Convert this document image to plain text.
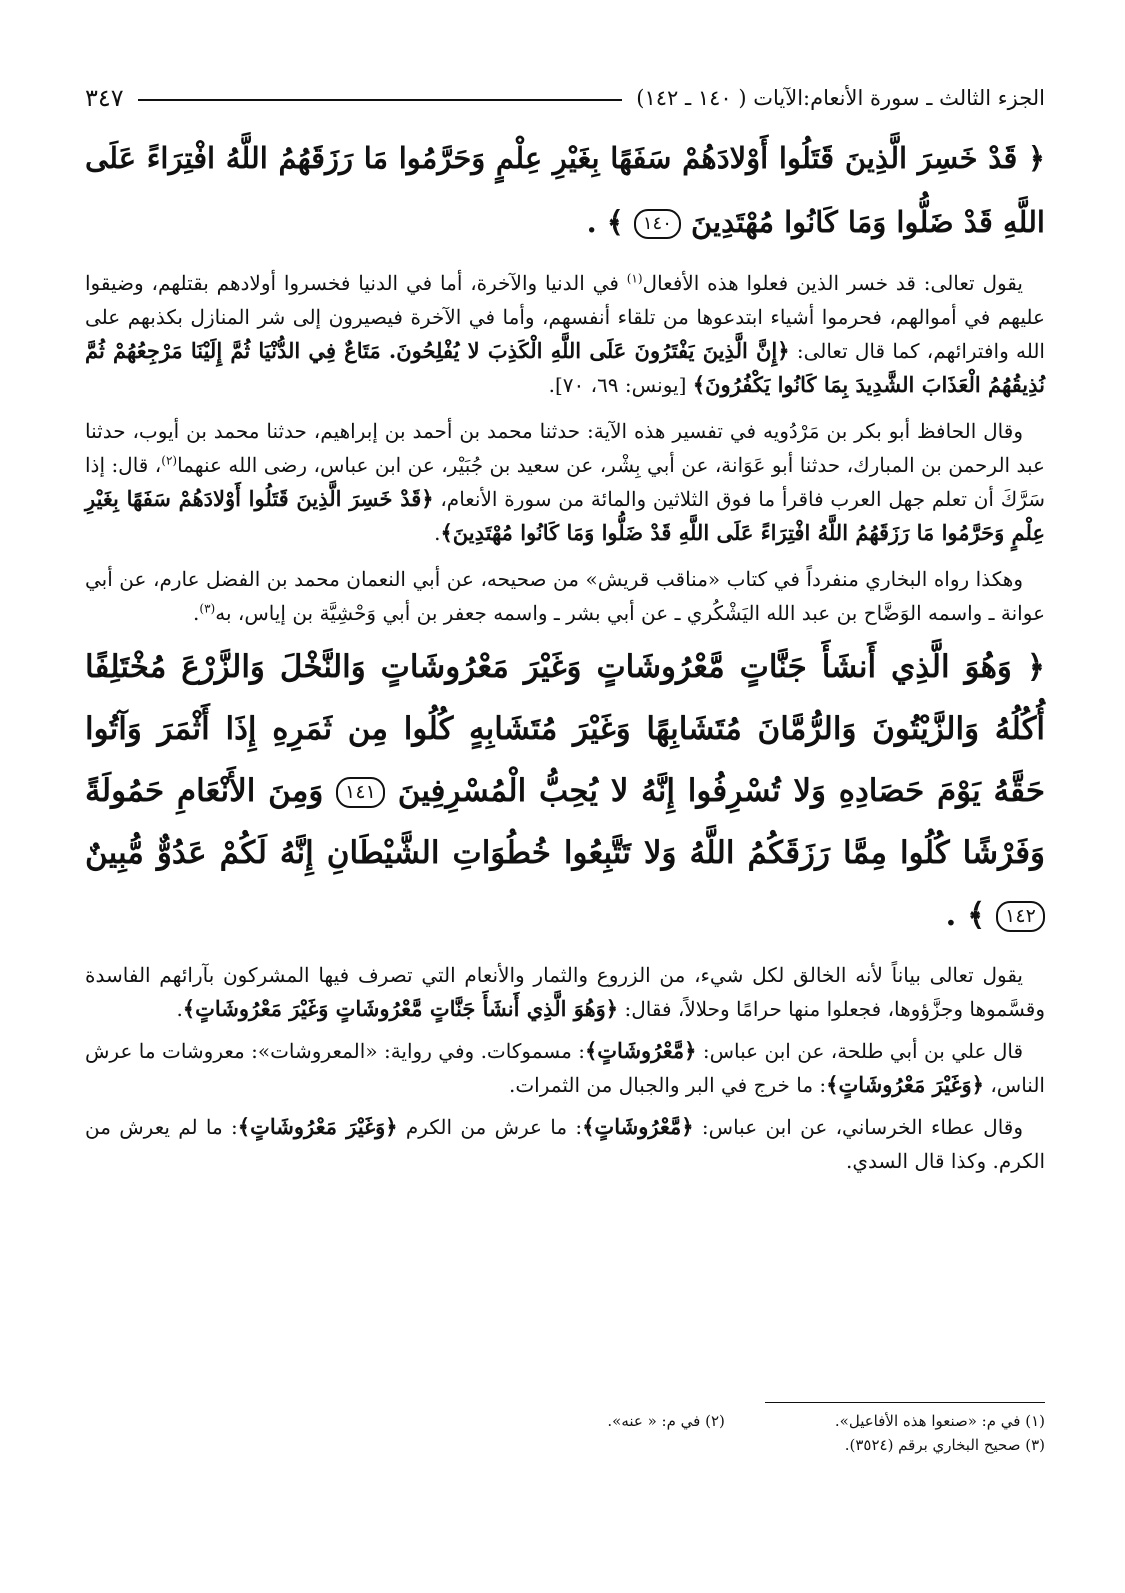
الجزء الثالث ـ سورة الأنعام:الآيات ( ١٤٠ ـ ١٤٢)
٣٤٧
﴿ قَدْ خَسِرَ الَّذِينَ قَتَلُوا أَوْلادَهُمْ سَفَهًا بِغَيْرِ عِلْمٍ وَحَرَّمُوا مَا رَزَقَهُمُ اللَّهُ افْتِرَاءً عَلَى اللَّهِ قَدْ ضَلُّوا وَمَا كَانُوا مُهْتَدِينَ ١٤٠ ﴾ .
يقول تعالى: قد خسر الذين فعلوا هذه الأفعال$^{(١)}$ في الدنيا والآخرة، أما في الدنيا فخسروا أولادهم بقتلهم، وضيقوا عليهم في أموالهم، فحرموا أشياء ابتدعوها من تلقاء أنفسهم، وأما في الآخرة فيصيرون إلى شر المنازل بكذبهم على الله وافترائهم، كما قال تعالى: ﴿إِنَّ الَّذِينَ يَفْتَرُونَ عَلَى اللَّهِ الْكَذِبَ لا يُفْلِحُونَ. مَتَاعٌ فِي الدُّنْيَا ثُمَّ إِلَيْنَا مَرْجِعُهُمْ ثُمَّ نُذِيقُهُمُ الْعَذَابَ الشَّدِيدَ بِمَا كَانُوا يَكْفُرُونَ﴾ [يونس: ٦٩، ٧٠].
وقال الحافظ أبو بكر بن مَرْدُويه في تفسير هذه الآية: حدثنا محمد بن أحمد بن إبراهيم، حدثنا محمد بن أيوب، حدثنا عبد الرحمن بن المبارك، حدثنا أبو عَوَانة، عن أبي بِشْر، عن سعيد بن جُبَيْر، عن ابن عباس، رضى الله عنهما$^{(٢)}$، قال: إذا سَرَّكَ أن تعلم جهل العرب فاقرأ ما فوق الثلاثين والمائة من سورة الأنعام، ﴿قَدْ خَسِرَ الَّذِينَ قَتَلُوا أَوْلادَهُمْ سَفَهًا بِغَيْرِ عِلْمٍ وَحَرَّمُوا مَا رَزَقَهُمُ اللَّهُ افْتِرَاءً عَلَى اللَّهِ قَدْ ضَلُّوا وَمَا كَانُوا مُهْتَدِينَ﴾.
وهكذا رواه البخاري منفرداً في كتاب «مناقب قريش» من صحيحه، عن أبي النعمان محمد بن الفضل عارم، عن أبي عوانة ـ واسمه الوَضَّاح بن عبد الله اليَشْكُري ـ عن أبي بشر ـ واسمه جعفر بن أبي وَحْشِيَّة بن إياس، به$^{(٣)}$.
﴿ وَهُوَ الَّذِي أَنشَأَ جَنَّاتٍ مَّعْرُوشَاتٍ وَغَيْرَ مَعْرُوشَاتٍ وَالنَّخْلَ وَالزَّرْعَ مُخْتَلِفًا أُكُلُهُ وَالزَّيْتُونَ وَالرُّمَّانَ مُتَشَابِهًا وَغَيْرَ مُتَشَابِهٍ كُلُوا مِن ثَمَرِهِ إِذَا أَثْمَرَ وَآتُوا حَقَّهُ يَوْمَ حَصَادِهِ وَلا تُسْرِفُوا إِنَّهُ لا يُحِبُّ الْمُسْرِفِينَ ١٤١ وَمِنَ الأَنْعَامِ حَمُولَةً وَفَرْشًا كُلُوا مِمَّا رَزَقَكُمُ اللَّهُ وَلا تَتَّبِعُوا خُطُوَاتِ الشَّيْطَانِ إِنَّهُ لَكُمْ عَدُوٌّ مُّبِينٌ ١٤٢ ﴾ .
يقول تعالى بياناً لأنه الخالق لكل شيء، من الزروع والثمار والأنعام التي تصرف فيها المشركون بآرائهم الفاسدة وقسَّموها وجزَّؤوها، فجعلوا منها حرامًا وحلالاً، فقال: ﴿وَهُوَ الَّذِي أَنشَأَ جَنَّاتٍ مَّعْرُوشَاتٍ وَغَيْرَ مَعْرُوشَاتٍ﴾.
قال علي بن أبي طلحة، عن ابن عباس: ﴿مَّعْرُوشَاتٍ﴾: مسموكات. وفي رواية: «المعروشات»: معروشات ما عرش الناس، ﴿وَغَيْرَ مَعْرُوشَاتٍ﴾: ما خرج في البر والجبال من الثمرات.
وقال عطاء الخرساني، عن ابن عباس: ﴿مَّعْرُوشَاتٍ﴾: ما عرش من الكرم ﴿وَغَيْرَ مَعْرُوشَاتٍ﴾: ما لم يعرش من الكرم. وكذا قال السدي.
(١) في م: «صنعوا هذه الأفاعيل».
(٢) في م: « عنه».
(٣) صحيح البخاري برقم (٣٥٢٤).
